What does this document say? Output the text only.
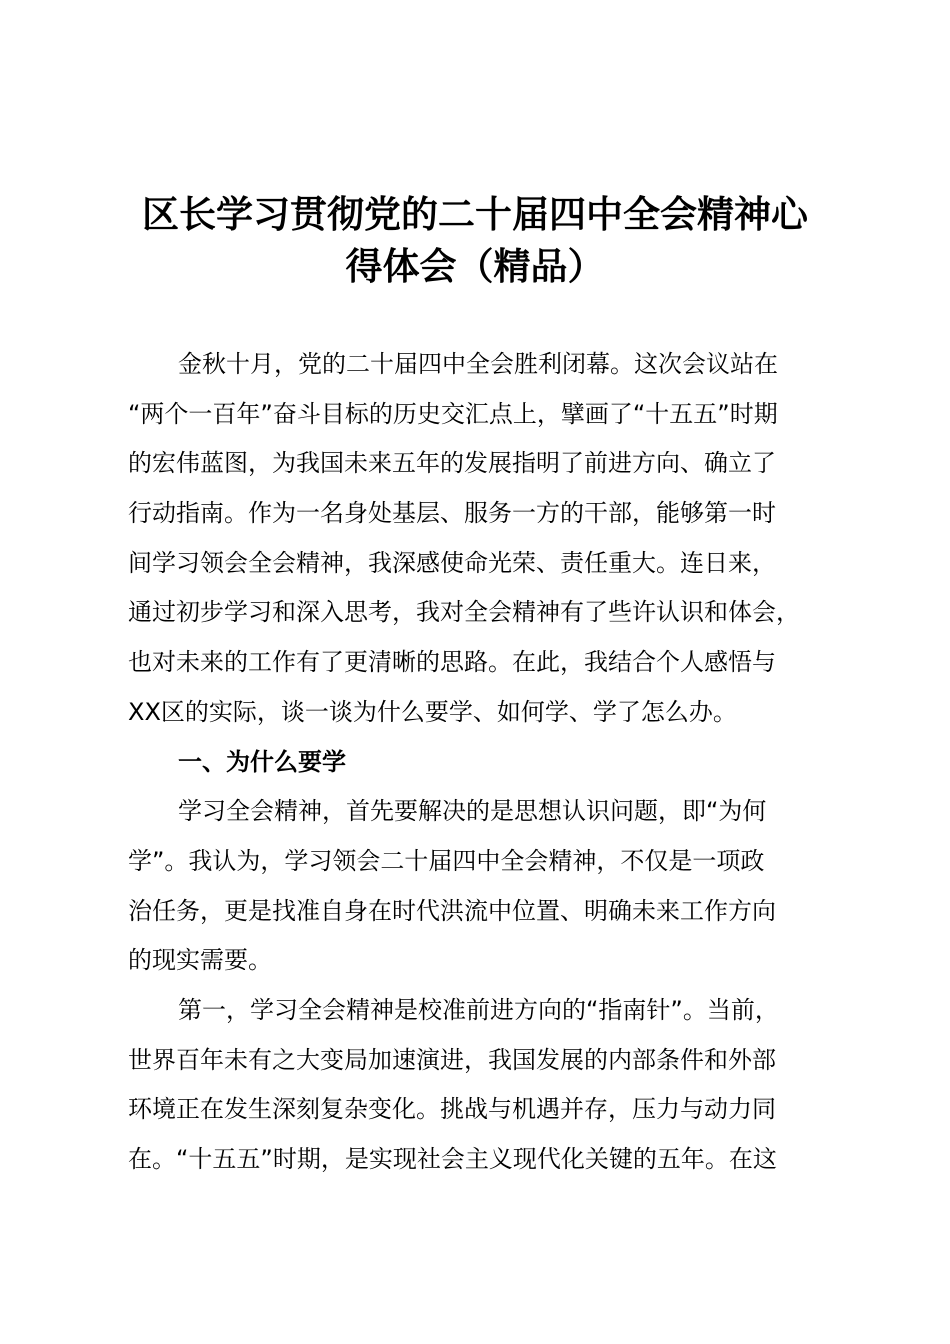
区长学习贯彻党的二十届四中全会精神心
得体会（精品）
金秋十月，党的二十届四中全会胜利闭幕。这次会议站在
“两个一百年”奋斗目标的历史交汇点上，擘画了“十五五”时期
的宏伟蓝图，为我国未来五年的发展指明了前进方向、确立了
行动指南。作为一名身处基层、服务一方的干部，能够第一时
间学习领会全会精神，我深感使命光荣、责任重大。连日来，
通过初步学习和深入思考，我对全会精神有了些许认识和体会，
也对未来的工作有了更清晰的思路。在此，我结合个人感悟与
XX区的实际，谈一谈为什么要学、如何学、学了怎么办。
一、为什么要学
学习全会精神，首先要解决的是思想认识问题，即“为何
学”。我认为，学习领会二十届四中全会精神，不仅是一项政
治任务，更是找准自身在时代洪流中位置、明确未来工作方向
的现实需要。
第一，学习全会精神是校准前进方向的“指南针”。当前，
世界百年未有之大变局加速演进，我国发展的内部条件和外部
环境正在发生深刻复杂变化。挑战与机遇并存，压力与动力同
在。“十五五”时期，是实现社会主义现代化关键的五年。在这
